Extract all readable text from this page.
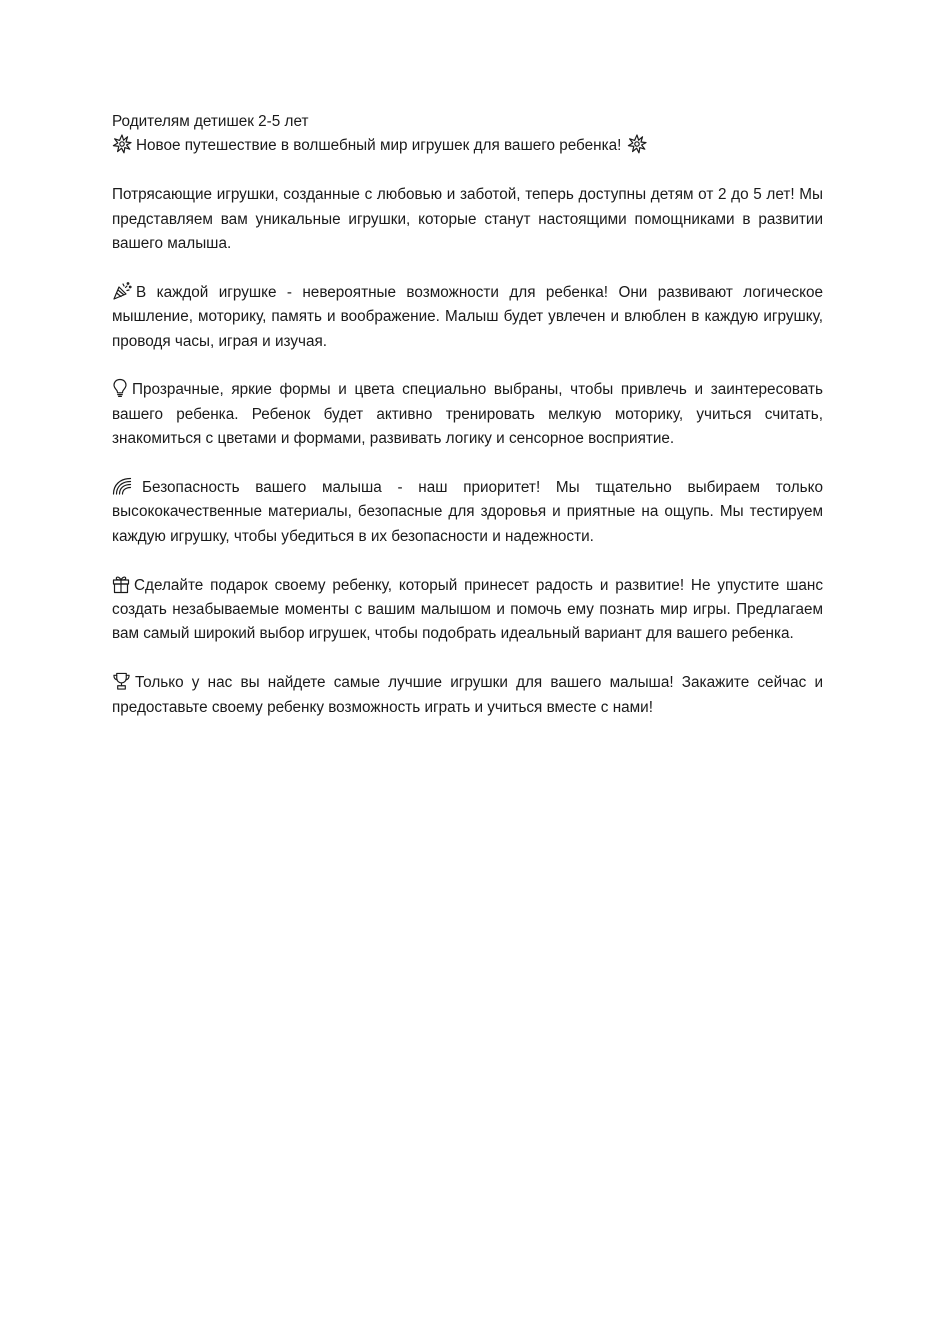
Родителям детишек 2-5 лет
Новое путешествие в волшебный мир игрушек для вашего ребенка!

Потрясающие игрушки, созданные с любовью и заботой, теперь доступны детям от 2 до 5 лет! Мы представляем вам уникальные игрушки, которые станут настоящими помощниками в развитии вашего малыша.

В каждой игрушке - невероятные возможности для ребенка! Они развивают логическое мышление, моторику, память и воображение. Малыш будет увлечен и влюблен в каждую игрушку, проводя часы, играя и изучая.

Прозрачные, яркие формы и цвета специально выбраны, чтобы привлечь и заинтересовать вашего ребенка. Ребенок будет активно тренировать мелкую моторику, учиться считать, знакомиться с цветами и формами, развивать логику и сенсорное восприятие.

Безопасность вашего малыша - наш приоритет! Мы тщательно выбираем только высококачественные материалы, безопасные для здоровья и приятные на ощупь. Мы тестируем каждую игрушку, чтобы убедиться в их безопасности и надежности.

Сделайте подарок своему ребенку, который принесет радость и развитие! Не упустите шанс создать незабываемые моменты с вашим малышом и помочь ему познать мир игры. Предлагаем вам самый широкий выбор игрушек, чтобы подобрать идеальный вариант для вашего ребенка.

Только у нас вы найдете самые лучшие игрушки для вашего малыша! Закажите сейчас и предоставьте своему ребенку возможность играть и учиться вместе с нами!
